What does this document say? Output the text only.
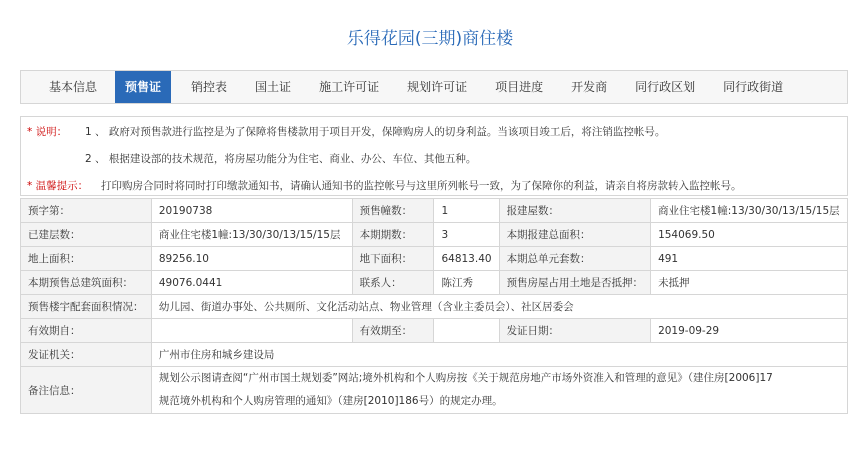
乐得花园(三期)商住楼
基本信息	预售证	销控表	国土证	施工许可证	规划许可证	项目进度	开发商	同行政区划	同行政街道
* 说明： 1 、 政府对预售款进行监控是为了保障将售楼款用于项目开发，保障购房人的切身利益。当该项目竣工后，将注销监控帐号。
2 、 根据建设部的技术规范，将房屋功能分为住宅、商业、办公、车位、其他五种。
* 温馨提示： 打印购房合同时将同时打印缴款通知书，请确认通知书的监控帐号与这里所列帐号一致，为了保障你的利益，请亲自将房款转入监控帐号。
预字第：	20190738	预售幢数：	1	报建屋数：	商业住宅楼1幢:13/30/30/13/15/15层
已建层数：	商业住宅楼1幢:13/30/30/13/15/15层	本期期数：	3	本期报建总面积：	154069.50
地上面积：	89256.10	地下面积：	64813.40	本期总单元套数：	491
本期预售总建筑面积：	49076.0441	联系人：	陈江秀	预售房屋占用土地是否抵押：	未抵押
预售楼宇配套面积情况：	幼儿园、街道办事处、公共厕所、文化活动站点、物业管理（含业主委员会）、社区居委会				
有效期自：		有效期至：		发证日期：	2019-09-29
发证机关：	广州市住房和城乡建设局				
备注信息：	规划公示图请查阅“广州市国土规划委”网站;境外机构和个人购房按《关于规范房地产市场外资准入和管理的意见》（建住房[2006]17
规范境外机构和个人购房管理的通知》（建房[2010]186号）的规定办理。				
